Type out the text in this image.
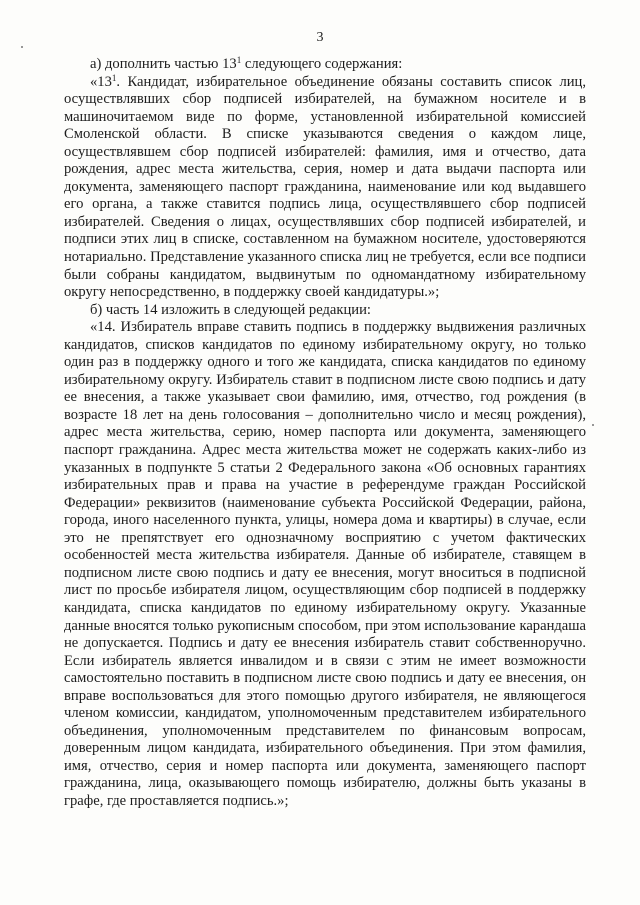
3

а) дополнить частью $13^1$ следующего содержания:

«$13^1$. Кандидат, избирательное объединение обязаны составить список лиц, осуществлявших сбор подписей избирателей, на бумажном носителе и в машиночитаемом виде по форме, установленной избирательной комиссией Смоленской области. В списке указываются сведения о каждом лице, осуществлявшем сбор подписей избирателей: фамилия, имя и отчество, дата рождения, адрес места жительства, серия, номер и дата выдачи паспорта или документа, заменяющего паспорт гражданина, наименование или код выдавшего его органа, а также ставится подпись лица, осуществлявшего сбор подписей избирателей. Сведения о лицах, осуществлявших сбор подписей избирателей, и подписи этих лиц в списке, составленном на бумажном носителе, удостоверяются нотариально. Представление указанного списка лиц не требуется, если все подписи были собраны кандидатом, выдвинутым по одномандатному избирательному округу непосредственно, в поддержку своей кандидатуры.»;

б) часть 14 изложить в следующей редакции:

«14. Избиратель вправе ставить подпись в поддержку выдвижения различных кандидатов, списков кандидатов по единому избирательному округу, но только один раз в поддержку одного и того же кандидата, списка кандидатов по единому избирательному округу. Избиратель ставит в подписном листе свою подпись и дату ее внесения, а также указывает свои фамилию, имя, отчество, год рождения (в возрасте 18 лет на день голосования – дополнительно число и месяц рождения), адрес места жительства, серию, номер паспорта или документа, заменяющего паспорт гражданина. Адрес места жительства может не содержать каких-либо из указанных в подпункте 5 статьи 2 Федерального закона «Об основных гарантиях избирательных прав и права на участие в референдуме граждан Российской Федерации» реквизитов (наименование субъекта Российской Федерации, района, города, иного населенного пункта, улицы, номера дома и квартиры) в случае, если это не препятствует его однозначному восприятию с учетом фактических особенностей места жительства избирателя. Данные об избирателе, ставящем в подписном листе свою подпись и дату ее внесения, могут вноситься в подписной лист по просьбе избирателя лицом, осуществляющим сбор подписей в поддержку кандидата, списка кандидатов по единому избирательному округу. Указанные данные вносятся только рукописным способом, при этом использование карандаша не допускается. Подпись и дату ее внесения избиратель ставит собственноручно. Если избиратель является инвалидом и в связи с этим не имеет возможности самостоятельно поставить в подписном листе свою подпись и дату ее внесения, он вправе воспользоваться для этого помощью другого избирателя, не являющегося членом комиссии, кандидатом, уполномоченным представителем избирательного объединения, уполномоченным представителем по финансовым вопросам, доверенным лицом кандидата, избирательного объединения. При этом фамилия, имя, отчество, серия и номер паспорта или документа, заменяющего паспорт гражданина, лица, оказывающего помощь избирателю, должны быть указаны в графе, где проставляется подпись.»;
